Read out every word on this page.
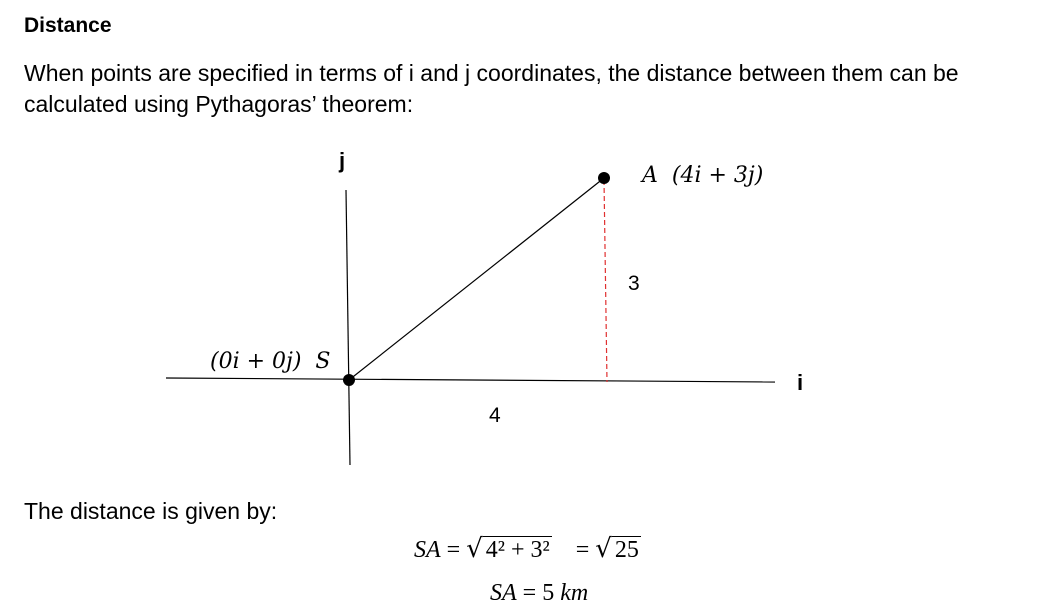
Distance
When points are specified in terms of i and j coordinates, the distance between them can be calculated using Pythagoras’ theorem:
j
i
A  (4i + 3j)
(0i + 0j)  S
4
3
The distance is given by:
SA = √ 4² + 3² = √ 25
SA = 5 km
